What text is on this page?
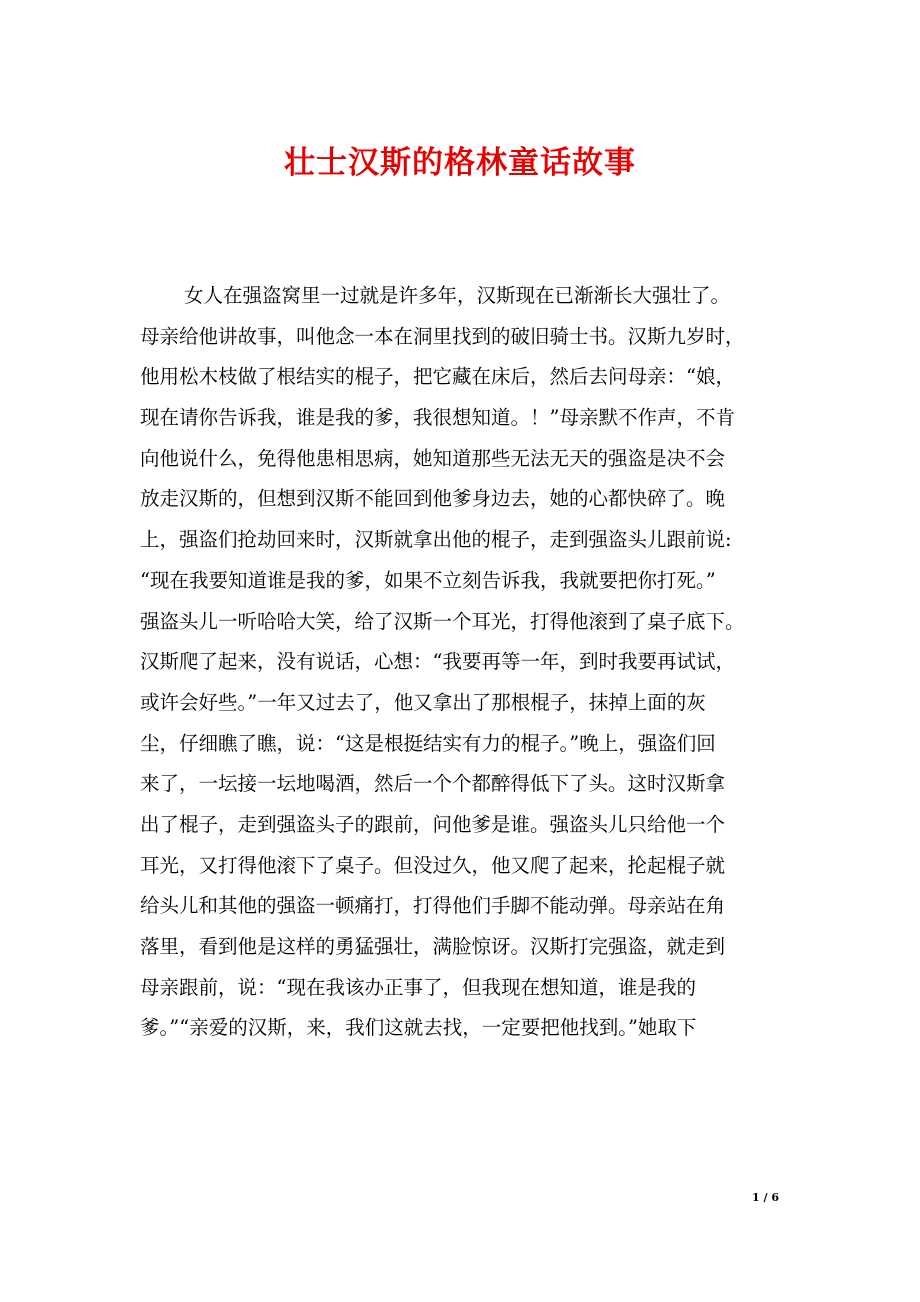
壮士汉斯的格林童话故事
女人在强盗窝里一过就是许多年，汉斯现在已渐渐长大强壮了。
母亲给他讲故事，叫他念一本在洞里找到的破旧骑士书。汉斯九岁时，
他用松木枝做了根结实的棍子，把它藏在床后，然后去问母亲：“娘，
现在请你告诉我，谁是我的爹，我很想知道。！”母亲默不作声，不肯
向他说什么，免得他患相思病，她知道那些无法无天的强盗是决不会
放走汉斯的，但想到汉斯不能回到他爹身边去，她的心都快碎了。晚
上，强盗们抢劫回来时，汉斯就拿出他的棍子，走到强盗头儿跟前说:
“现在我要知道谁是我的爹，如果不立刻告诉我，我就要把你打死。”
强盗头儿一听哈哈大笑，给了汉斯一个耳光，打得他滚到了桌子底下。
汉斯爬了起来，没有说话，心想：“我要再等一年，到时我要再试试，
或许会好些。”一年又过去了，他又拿出了那根棍子，抹掉上面的灰
尘，仔细瞧了瞧，说：“这是根挺结实有力的棍子。”晚上，强盗们回
来了，一坛接一坛地喝酒，然后一个个都醉得低下了头。这时汉斯拿
出了棍子，走到强盗头子的跟前，问他爹是谁。强盗头儿只给他一个
耳光，又打得他滚下了桌子。但没过久，他又爬了起来，抡起棍子就
给头儿和其他的强盗一顿痛打，打得他们手脚不能动弹。母亲站在角
落里，看到他是这样的勇猛强壮，满脸惊讶。汉斯打完强盗，就走到
母亲跟前，说：“现在我该办正事了，但我现在想知道，谁是我的
爹。”“亲爱的汉斯，来，我们这就去找，一定要把他找到。”她取下
1 / 6
